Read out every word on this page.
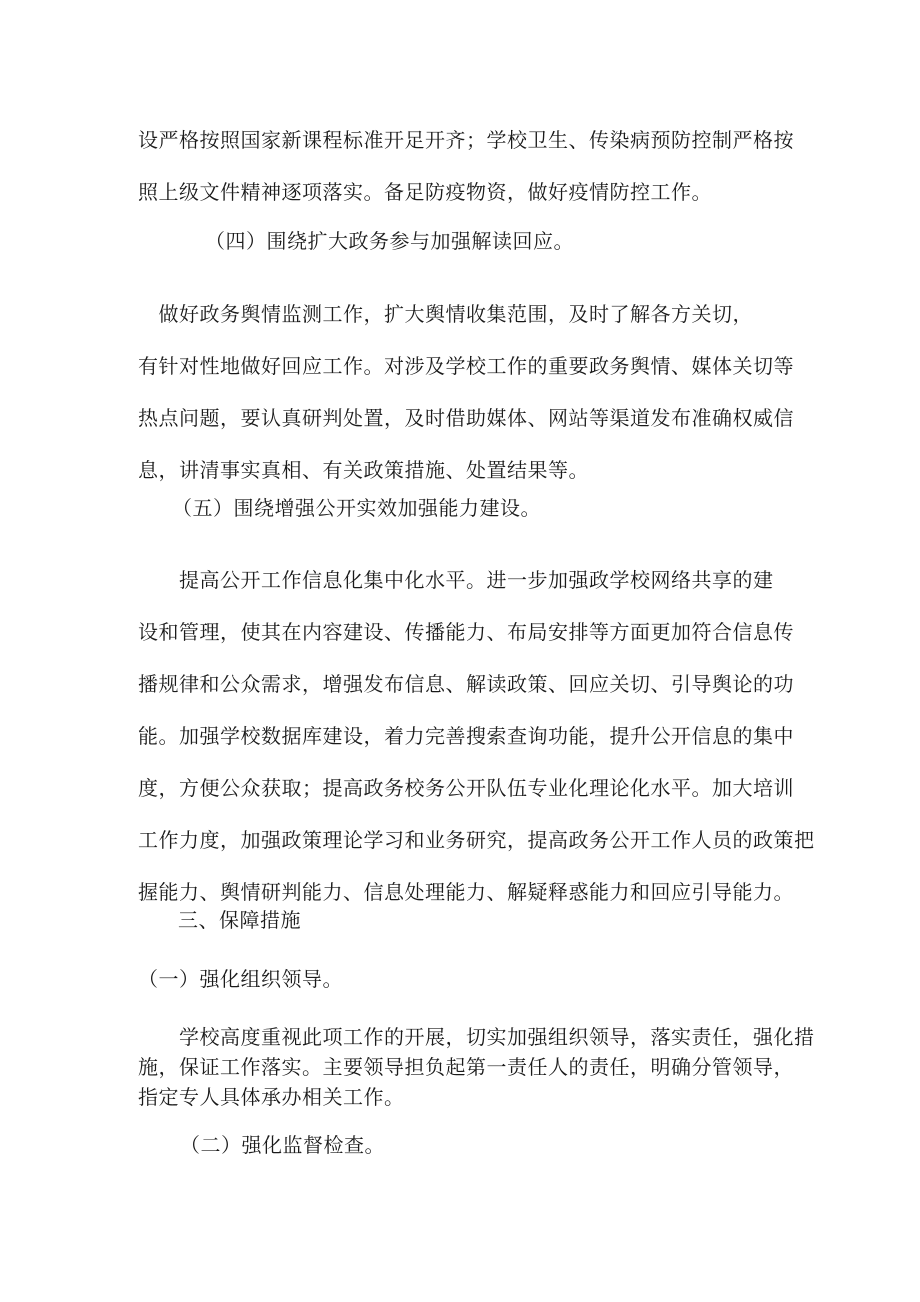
设严格按照国家新课程标准开足开齐；学校卫生、传染病预防控制严格按
照上级文件精神逐项落实。备足防疫物资，做好疫情防控工作。

（四）围绕扩大政务参与加强解读回应。

　做好政务舆情监测工作，扩大舆情收集范围，及时了解各方关切，
有针对性地做好回应工作。对涉及学校工作的重要政务舆情、媒体关切等
热点问题，要认真研判处置，及时借助媒体、网站等渠道发布准确权威信
息，讲清事实真相、有关政策措施、处置结果等。

（五）围绕增强公开实效加强能力建设。

　　提高公开工作信息化集中化水平。进一步加强政学校网络共享的建
设和管理，使其在内容建设、传播能力、布局安排等方面更加符合信息传
播规律和公众需求，增强发布信息、解读政策、回应关切、引导舆论的功
能。加强学校数据库建设，着力完善搜索查询功能，提升公开信息的集中
度，方便公众获取；提高政务校务公开队伍专业化理论化水平。加大培训
工作力度，加强政策理论学习和业务研究，提高政务公开工作人员的政策把
握能力、舆情研判能力、信息处理能力、解疑释惑能力和回应引导能力。

三、保障措施

（一）强化组织领导。

　　学校高度重视此项工作的开展，切实加强组织领导，落实责任，强化措
施，保证工作落实。主要领导担负起第一责任人的责任，明确分管领导，
指定专人具体承办相关工作。

（二）强化监督检查。
